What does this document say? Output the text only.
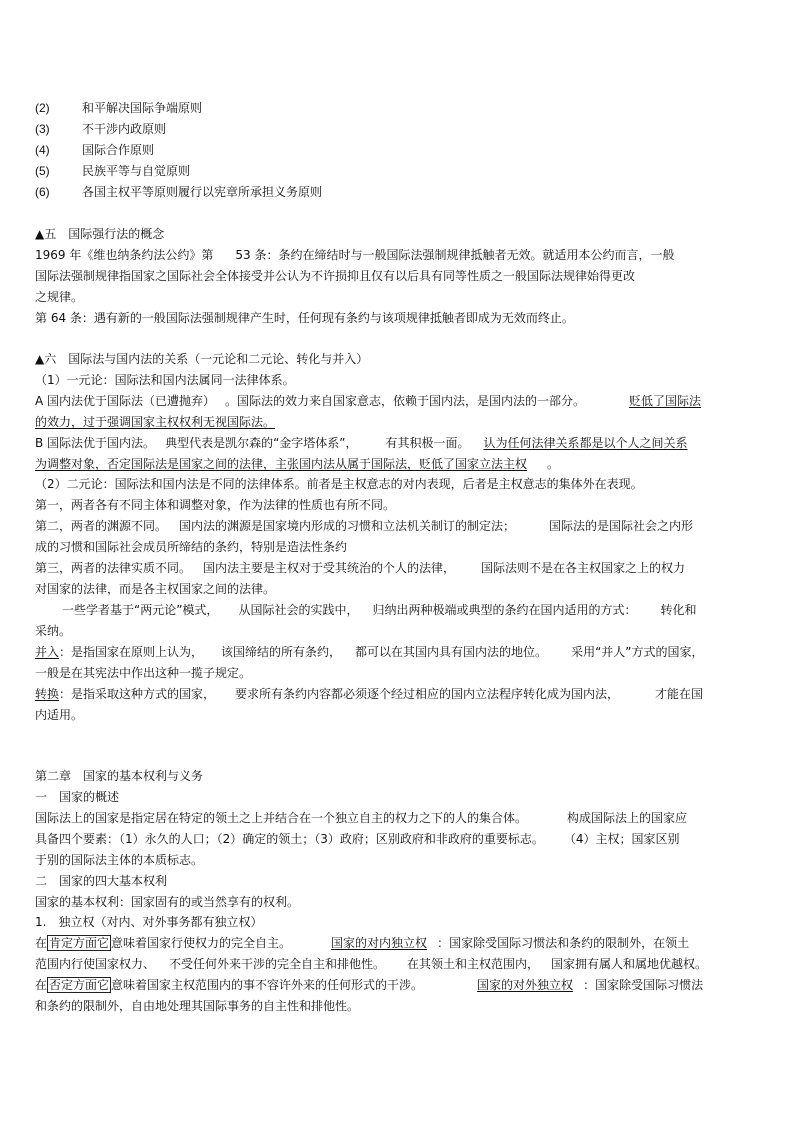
(2)	和平解决国际争端原则
(3)	不干涉内政原则
(4)	国际合作原则
(5)	民族平等与自觉原则
(6)	各国主权平等原则履行以宪章所承担义务原则
▲五　国际强行法的概念
1969 年《维也纳条约法公约》第 53 条：条约在缔结时与一般国际法强制规律抵触者无效。就适用本公约而言，一般
国际法强制规律指国家之国际社会全体接受并公认为不许损抑且仅有以后具有同等性质之一般国际法规律始得更改
之规律。
第 64 条：遇有新的一般国际法强制规律产生时，任何现有条约与该项规律抵触者即成为无效而终止。
▲六　国际法与国内法的关系（一元论和二元论、转化与并入）
（1）一元论：国际法和国内法属同一法律体系。
A 国内法优于国际法（已遭抛弃） 。国际法的效力来自国家意志，依赖于国内法，是国内法的一部分。	贬低了国际法
的效力，过于强调国家主权权利无视国际法。
B 国际法优于国内法。 典型代表是凯尔森的“金字塔体系”， 有其积极一面。 认为任何法律关系都是以个人之间关系
为调整对象，否定国际法是国家之间的法律，主张国内法从属于国际法，贬低了国家立法主权 。
（2）二元论：国际法和国内法是不同的法律体系。前者是主权意志的对内表现，后者是主权意志的集体外在表现。
第一，两者各有不同主体和调整对象，作为法律的性质也有所不同。
第二，两者的渊源不同。 国内法的渊源是国家境内形成的习惯和立法机关制订的制定法；	国际法的是国际社会之内形
成的习惯和国际社会成员所缔结的条约，特别是造法性条约
第三，两者的法律实质不同。 国内法主要是主权对于受其统治的个人的法律， 国际法则不是在各主权国家之上的权力
对国家的法律，而是各主权国家之间的法律。
一些学者基于“两元论”模式， 从国际社会的实践中， 归纳出两种极端或典型的条约在国内适用的方式： 转化和
采纳。
并入：是指国家在原则上认为， 该国缔结的所有条约， 都可以在其国内具有国内法的地位。 采用“并人”方式的国家，
一般是在其宪法中作出这种一揽子规定。
转换：是指采取这种方式的国家， 要求所有条约内容都必须逐个经过相应的国内立法程序转化成为国内法，	才能在国
内适用。
第二章　国家的基本权利与义务
一　国家的概述
国际法上的国家是指定居在特定的领土之上并结合在一个独立自主的权力之下的人的集合体。	构成国际法上的国家应
具备四个要素：（1）永久的人口；（2）确定的领土；（3）政府；区别政府和非政府的重要标志。 （4）主权；国家区别
于别的国际法主体的本质标志。
二　国家的四大基本权利
国家的基本权利：国家固有的或当然享有的权利。
1.　独立权（对内、对外事务都有独立权）
在 肯定方面它 意味着国家行使权力的完全自主。	国家的对内独立权 ：国家除受国际习惯法和条约的限制外，在领土
范围内行使国家权力、 不受任何外来干涉的完全自主和排他性。 在其领土和主权范围内， 国家拥有属人和属地优越权。
在 否定方面它 意味着国家主权范围内的事不容许外来的任何形式的干涉。	国家的对外独立权 ：国家除受国际习惯法
和条约的限制外，自由地处理其国际事务的自主性和排他性。
